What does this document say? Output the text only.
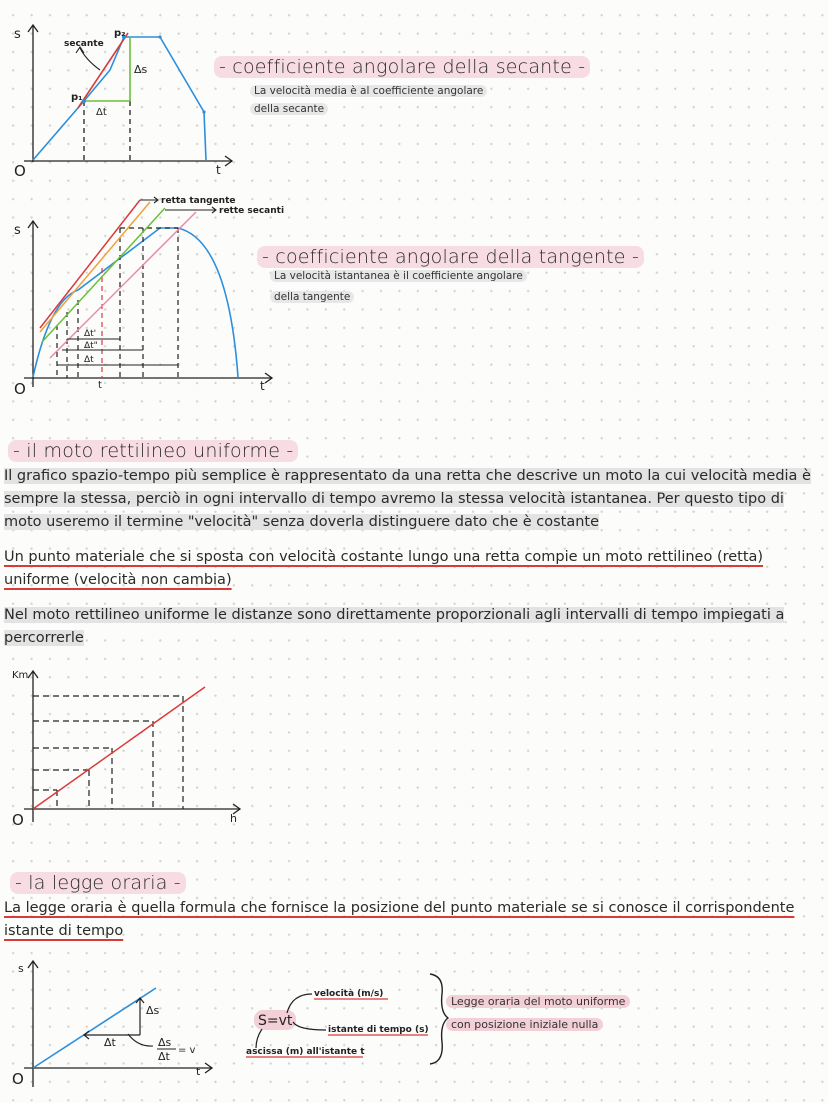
s
t
O
secante
p₁
p₂
Δs
Δt
- coefficiente angolare della secante -
La velocità media è al coefficiente angolare
della secante
s
t
O
retta tangente
rette secanti
Δt'
Δt"
Δt
t
- coefficiente angolare della tangente -
La velocità istantanea è il coefficiente angolare
della tangente
- il moto rettilineo uniforme -
Il grafico spazio-tempo più semplice è rappresentato da una retta che descrive un moto la cui velocità media è sempre la stessa, perciò in ogni intervallo di tempo avremo la stessa velocità istantanea. Per questo tipo di moto useremo il termine "velocità" senza doverla distinguere dato che è costante
Un punto materiale che si sposta con velocità costante lungo una retta compie un moto rettilineo (retta) uniforme (velocità non cambia)
Nel moto rettilineo uniforme le distanze sono direttamente proporzionali agli intervalli di tempo impiegati a percorrerle
Km
h
O
- la legge oraria -
La legge oraria è quella formula che fornisce la posizione del punto materiale se si conosce il corrispondente istante di tempo
s
t
O
Δs
Δt	Δs
Δt = v
S=vt
velocità (m/s)
istante di tempo (s)
ascissa (m) all'istante t
Legge oraria del moto uniforme
con posizione iniziale nulla
